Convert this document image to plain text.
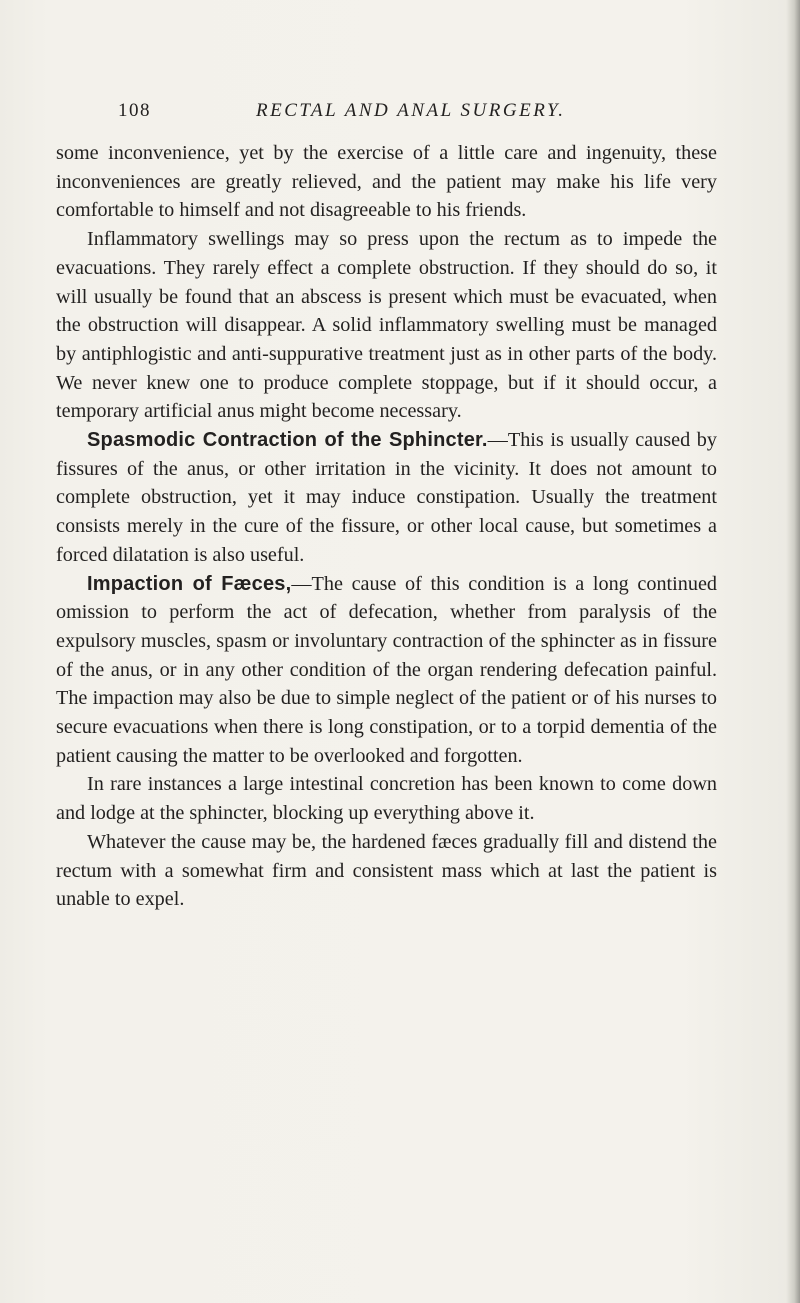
108	RECTAL AND ANAL SURGERY.

some inconvenience, yet by the exercise of a little care and ingenuity, these inconveniences are greatly relieved, and the patient may make his life very comfortable to himself and not disagreeable to his friends.

Inflammatory swellings may so press upon the rectum as to impede the evacuations. They rarely effect a complete obstruction. If they should do so, it will usually be found that an abscess is present which must be evacuated, when the obstruction will disappear. A solid inflammatory swelling must be managed by antiphlogistic and anti-suppurative treatment just as in other parts of the body. We never knew one to produce complete stoppage, but if it should occur, a temporary artificial anus might become necessary.

Spasmodic Contraction of the Sphincter.—This is usually caused by fissures of the anus, or other irritation in the vicinity. It does not amount to complete obstruction, yet it may induce constipation. Usually the treatment consists merely in the cure of the fissure, or other local cause, but sometimes a forced dilatation is also useful.

Impaction of Fæces,—The cause of this condition is a long continued omission to perform the act of defecation, whether from paralysis of the expulsory muscles, spasm or involuntary contraction of the sphincter as in fissure of the anus, or in any other condition of the organ rendering defecation painful. The impaction may also be due to simple neglect of the patient or of his nurses to secure evacuations when there is long constipation, or to a torpid dementia of the patient causing the matter to be overlooked and forgotten.

In rare instances a large intestinal concretion has been known to come down and lodge at the sphincter, blocking up everything above it.

Whatever the cause may be, the hardened fæces gradually fill and distend the rectum with a somewhat firm and consistent mass which at last the patient is unable to expel.
